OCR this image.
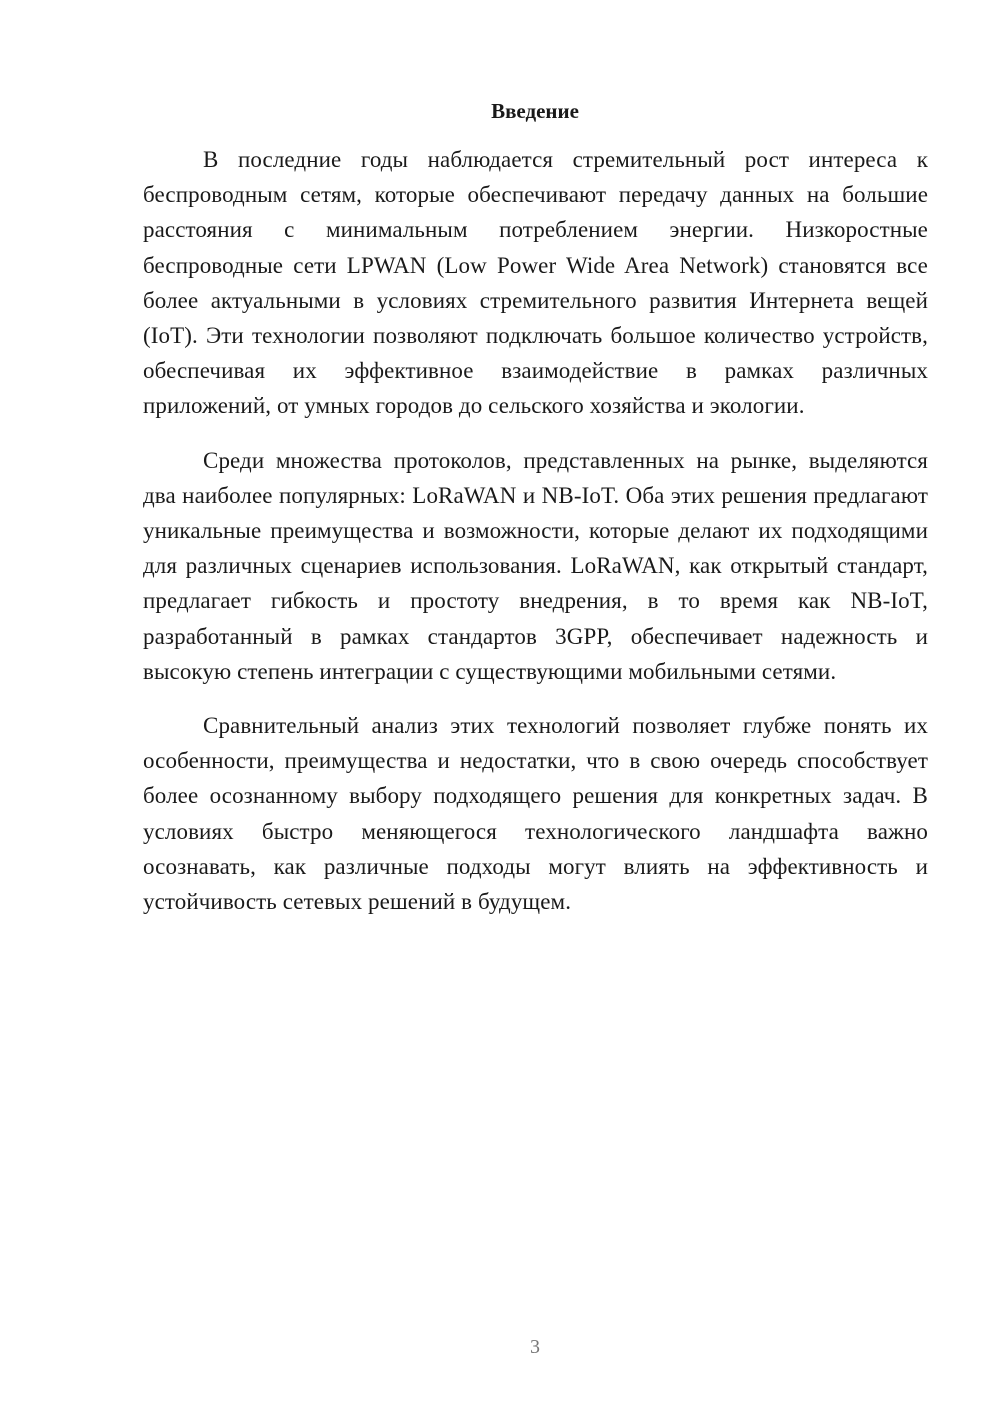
Введение

В последние годы наблюдается стремительный рост интереса к беспроводным сетям, которые обеспечивают передачу данных на большие расстояния с минимальным потреблением энергии. Низкоростные беспроводные сети LPWAN (Low Power Wide Area Network) становятся все более актуальными в условиях стремительного развития Интернета вещей (IoT). Эти технологии позволяют подключать большое количество устройств, обеспечивая их эффективное взаимодействие в рамках различных приложений, от умных городов до сельского хозяйства и экологии.

Среди множества протоколов, представленных на рынке, выделяются два наиболее популярных: LoRaWAN и NB-IoT. Оба этих решения предлагают уникальные преимущества и возможности, которые делают их подходящими для различных сценариев использования. LoRaWAN, как открытый стандарт, предлагает гибкость и простоту внедрения, в то время как NB-IoT, разработанный в рамках стандартов 3GPP, обеспечивает надежность и высокую степень интеграции с существующими мобильными сетями.

Сравнительный анализ этих технологий позволяет глубже понять их особенности, преимущества и недостатки, что в свою очередь способствует более осознанному выбору подходящего решения для конкретных задач. В условиях быстро меняющегося технологического ландшафта важно осознавать, как различные подходы могут влиять на эффективность и устойчивость сетевых решений в будущем.

3
